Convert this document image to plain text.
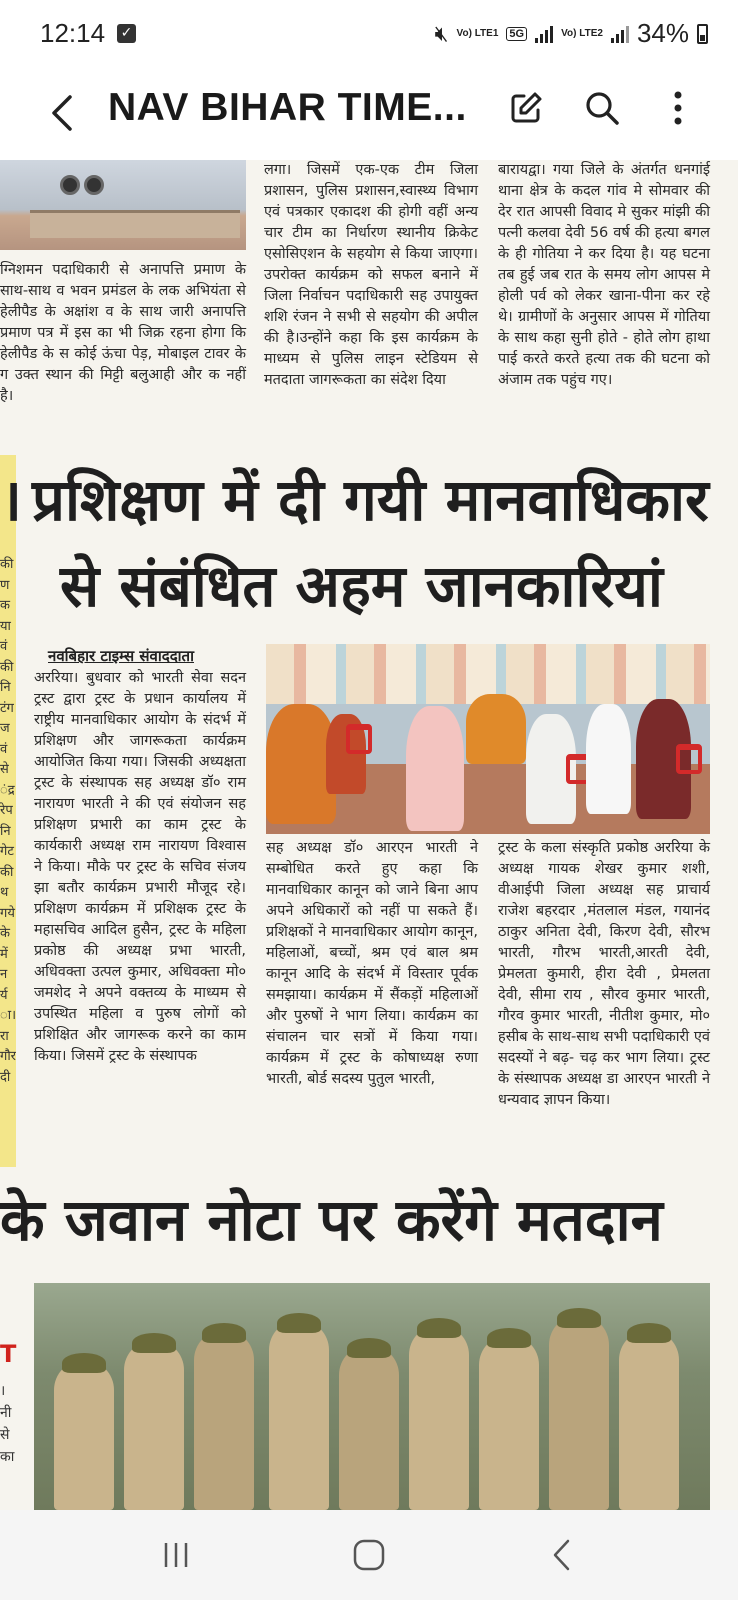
12:14 ✓	🔇︎ Vo) LTE1 5G	Vo) LTE2 34%
NAV BIHAR TIME...
ग्निशमन पदाधिकारी से अनापत्ति प्रमाण के साथ-साथ व भवन प्रमंडल के लक अभियंता से हेलीपैड के अक्षांश व के साथ जारी अनापत्ति प्रमाण पत्र में इस का भी जिक्र रहना होगा कि हेलीपैड के स कोई ऊंचा पेड़, मोबाइल टावर के ग उक्त स्थान की मिट्टी बलुआही और क नहीं है।
लगा। जिसमें एक-एक टीम जिला प्रशासन, पुलिस प्रशासन,स्वास्थ्य विभाग एवं पत्रकार एकादश की होगी वहीं अन्य चार टीम का निर्धारण स्थानीय क्रिकेट एसोसिएशन के सहयोग से किया जाएगा। उपरोक्त कार्यक्रम को सफल बनाने में जिला निर्वाचन पदाधिकारी सह उपायुक्त शशि रंजन ने सभी से सहयोग की अपील की है।उन्होंने कहा कि इस कार्यक्रम के माध्यम से पुलिस लाइन स्टेडियम से मतदाता जागरूकता का संदेश दिया
बारायद्वा। गया जिले के अंतर्गत धनगांई थाना क्षेत्र के कदल गांव मे सोमवार की देर रात आपसी विवाद मे सुकर मांझी की पत्नी कलवा देवी 56 वर्ष की हत्या बगल के ही गोतिया ने कर दिया है। यह घटना तब हुई जब रात के समय लोग आपस मे होली पर्व को लेकर खाना-पीना कर रहे थे। ग्रामीणों के अनुसार आपस में गोतिया के साथ कहा सुनी होते - होते लोग हाथा पाई करते करते हत्या तक की घटना को अंजाम तक पहुंच गए।
।
की ण क या वं की नि टंग ज वं से ंद्र रेप नि गेट की थ गये के में न र्य ा। रा गौर दी
प्रशिक्षण में दी गयी मानवाधिकार
से संबंधित अहम जानकारियां
नवबिहार टाइम्स संवाददाता
अररिया। बुधवार को भारती सेवा सदन ट्रस्ट द्वारा ट्रस्ट के प्रधान कार्यालय में राष्ट्रीय मानवाधिकार आयोग के संदर्भ में प्रशिक्षण और जागरूकता कार्यक्रम आयोजित किया गया। जिसकी अध्यक्षता ट्रस्ट के संस्थापक सह अध्यक्ष डॉ० राम नारायण भारती ने की एवं संयोजन सह प्रशिक्षण प्रभारी का काम ट्रस्ट के कार्यकारी अध्यक्ष राम नारायण विश्वास ने किया। मौके पर ट्रस्ट के सचिव संजय झा बतौर कार्यक्रम प्रभारी मौजूद रहे। प्रशिक्षण कार्यक्रम में प्रशिक्षक ट्रस्ट के महासचिव आदिल हुसैन, ट्रस्ट के महिला प्रकोष्ठ की अध्यक्ष प्रभा भारती, अधिवक्ता उत्पल कुमार, अधिवक्ता मो० जमशेद ने अपने वक्तव्य के माध्यम से उपस्थित महिला व पुरुष लोगों को प्रशिक्षित और जागरूक करने का काम किया। जिसमें ट्रस्ट के संस्थापक
सह अध्यक्ष डॉ० आरएन भारती ने सम्बोधित करते हुए कहा कि मानवाधिकार कानून को जाने बिना आप अपने अधिकारों को नहीं पा सकते हैं। प्रशिक्षकों ने मानवाधिकार आयोग कानून, महिलाओं, बच्चों, श्रम एवं बाल श्रम कानून आदि के संदर्भ में विस्तार पूर्वक समझाया। कार्यक्रम में सैंकड़ों महिलाओं और पुरुषों ने भाग लिया। कार्यक्रम का संचालन चार सत्रों में किया गया। कार्यक्रम में ट्रस्ट के कोषाध्यक्ष रुणा भारती, बोर्ड सदस्य पुतुल भारती,
ट्रस्ट के कला संस्कृति प्रकोष्ठ अररिया के अध्यक्ष गायक शेखर कुमार शशी, वीआईपी जिला अध्यक्ष सह प्राचार्य राजेश बहरदार ,मंतलाल मंडल, गयानंद ठाकुर अनिता देवी, किरण देवी, सौरभ भारती, गौरभ भारती,आरती देवी, प्रेमलता कुमारी, हीरा देवी , प्रेमलता देवी, सीमा राय , सौरव कुमार भारती, गौरव कुमार भारती, नीतीश कुमार, मो० हसीब के साथ-साथ सभी पदाधिकारी एवं सदस्यों ने बढ़- चढ़ कर भाग लिया। ट्रस्ट के संस्थापक अध्यक्ष डा आरएन भारती ने धन्यवाद ज्ञापन किया।
के जवान नोटा पर करेंगे मतदान
T
। नी से का
